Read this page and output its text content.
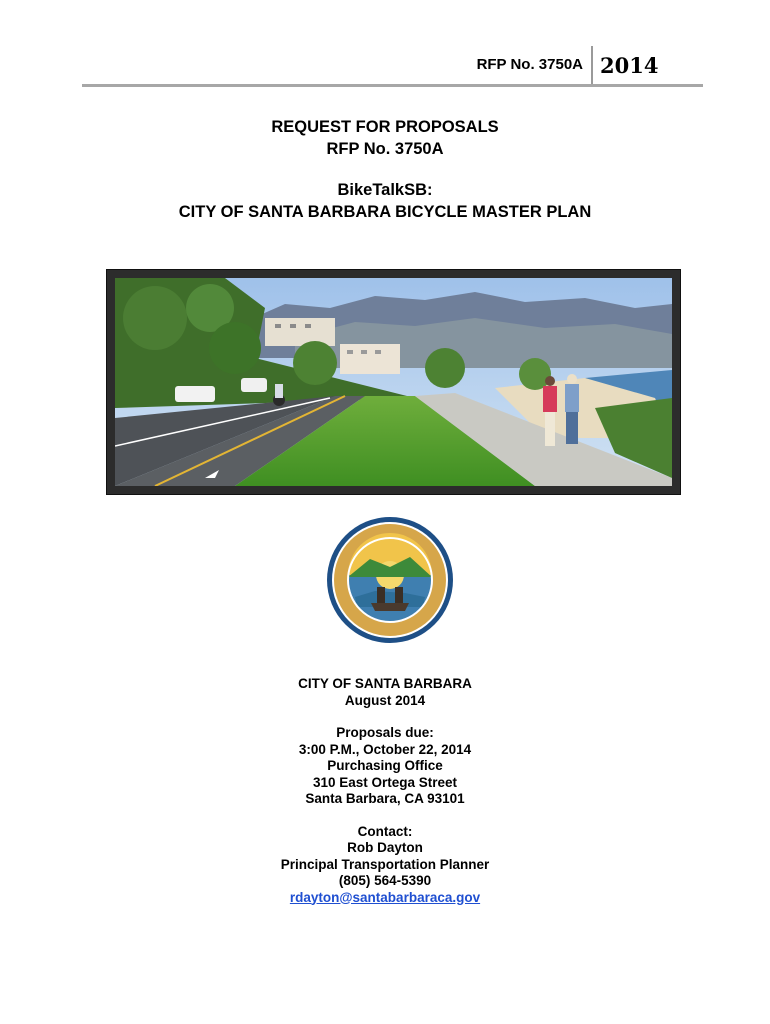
RFP No. 3750A 2014
REQUEST FOR PROPOSALS
RFP No. 3750A
BikeTalkSB:
CITY OF SANTA BARBARA BICYCLE MASTER PLAN
CITY OF SANTA BARBARA
August 2014
Proposals due:
3:00 P.M., October 22, 2014
Purchasing Office
310 East Ortega Street
Santa Barbara, CA 93101
Contact:
Rob Dayton
Principal Transportation Planner
(805) 564-5390
rdayton@santabarbaraca.gov
